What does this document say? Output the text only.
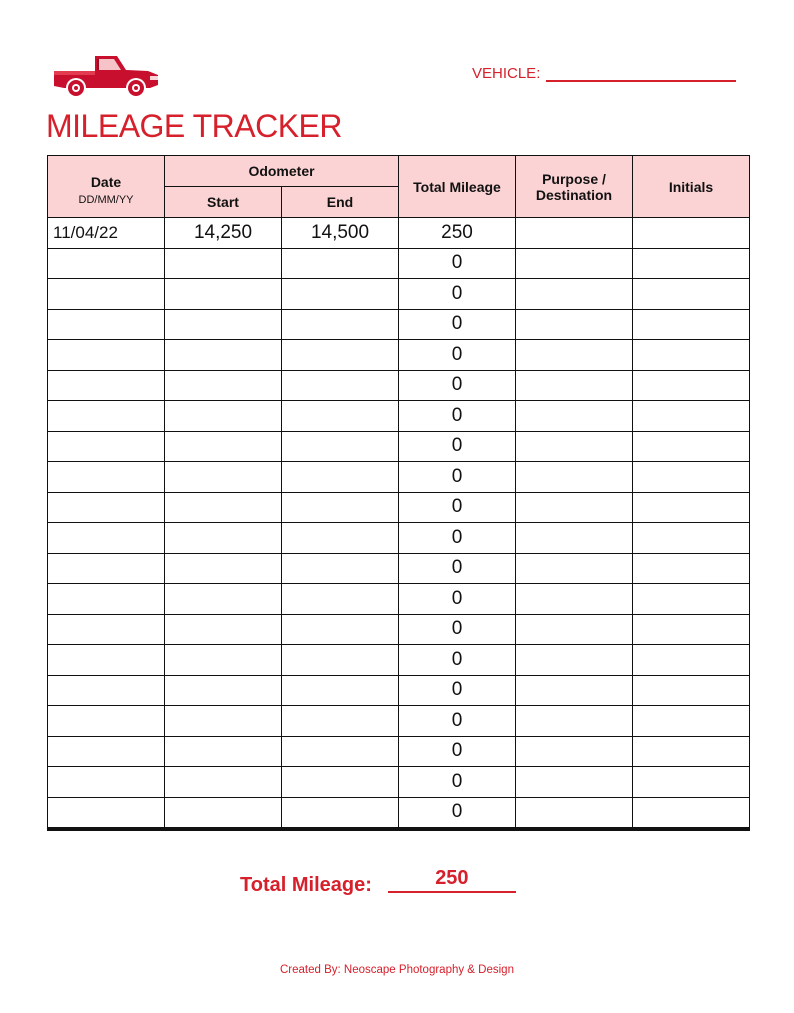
VEHICLE:
MILEAGE TRACKER
Date
DD/MM/YY	Odometer		Total Mileage	Purpose / Destination	Initials
	Start	End			
11/04/22	14,250	14,500	250		
			0		
			0		
			0		
			0		
			0		
			0		
			0		
			0		
			0		
			0		
			0		
			0		
			0		
			0		
			0		
			0		
			0		
			0		
			0		
Total Mileage:	250
Created By: Neoscape Photography & Design
